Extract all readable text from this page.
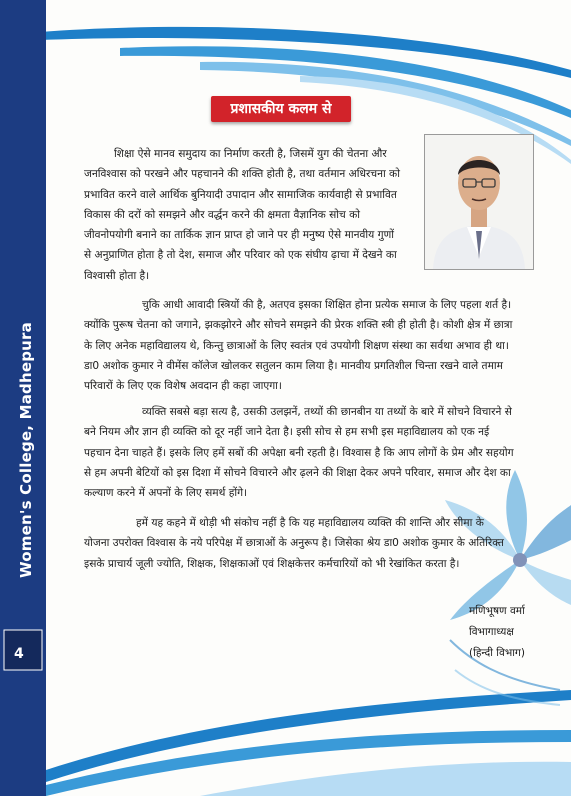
Women's College, Madhepura
4
प्रशासकीय कलम से
शिक्षा ऐसे मानव समुदाय का निर्माण करती है, जिसमें युग की चेतना और
जनविश्वास को परखने और पहचानने की शक्ति होती है, तथा वर्तमान अधिरचना को
प्रभावित करने वाले आर्थिक बुनियादी उपादान और सामाजिक कार्यवाही से प्रभावित
विकास की दरों को समझने और वर्द्धन करने की क्षमता वैज्ञानिक सोच को
जीवनोपयोगी बनाने का तार्किक ज्ञान प्राप्त हो जाने पर ही मनुष्य ऐसे मानवीय गुणों
से अनुप्राणित होता है तो देश, समाज और परिवार को एक संघीय ढ़ाचा में देखने का
विश्वासी होता है।
चुकि आधी आवादी स्त्रियों की है, अतएव इसका शिक्षित होना प्रत्येक समाज के लिए पहला शर्त है।
क्योंकि पुरूष चेतना को जगाने, झकझोरने और सोचने समझने की प्रेरक शक्ति स्त्री ही होती है। कोशी क्षेत्र में छात्रा
के लिए अनेक महाविद्यालय थे, किन्तु छात्राओं के लिए स्वतंत्र एवं उपयोगी शिक्षण संस्था का सर्वथा अभाव ही था।
डा0 अशोक कुमार ने वीमेंस कॉलेज खोलकर सतुलन काम लिया है। मानवीय प्रगतिशील चिन्ता रखने वाले तमाम
परिवारों के लिए एक विशेष अवदान ही कहा जाएगा।
व्यक्ति सबसे बड़ा सत्य है, उसकी उलझनें, तथ्यों की छानबीन या तथ्यों के बारे में सोचने विचारने से
बने नियम और ज्ञान ही व्यक्ति को दूर नहीं जाने देता है। इसी सोच से हम सभी इस महाविद्यालय को एक नई
पहचान देना चाहते हैं। इसके लिए हमें सबों की अपेक्षा बनी रहती है। विश्वास है कि आप लोगों के प्रेम और सहयोग
से हम अपनी बेटियों को इस दिशा में सोचने विचारने और ढ़लने की शिक्षा देकर अपने परिवार, समाज और देश का
कल्याण करने में अपनों के लिए समर्थ होंगे।
हमें यह कहने में थोड़ी भी संकोच नहीं है कि यह महाविद्यालय व्यक्ति की शान्ति और सीमा के
योजना उपरोक्त विश्वास के नये परिपेक्ष में छात्राओं के अनुरूप है। जिसेका श्रेय डा0 अशोक कुमार के अतिरिक्त
इसके प्राचार्य जूली ज्योति, शिक्षक, शिक्षकाओं एवं शिक्षकेत्तर कर्मचारियों को भी रेखांकित करता है।
मणिभूषण वर्मा
विभागाध्यक्ष
(हिन्दी विभाग)
